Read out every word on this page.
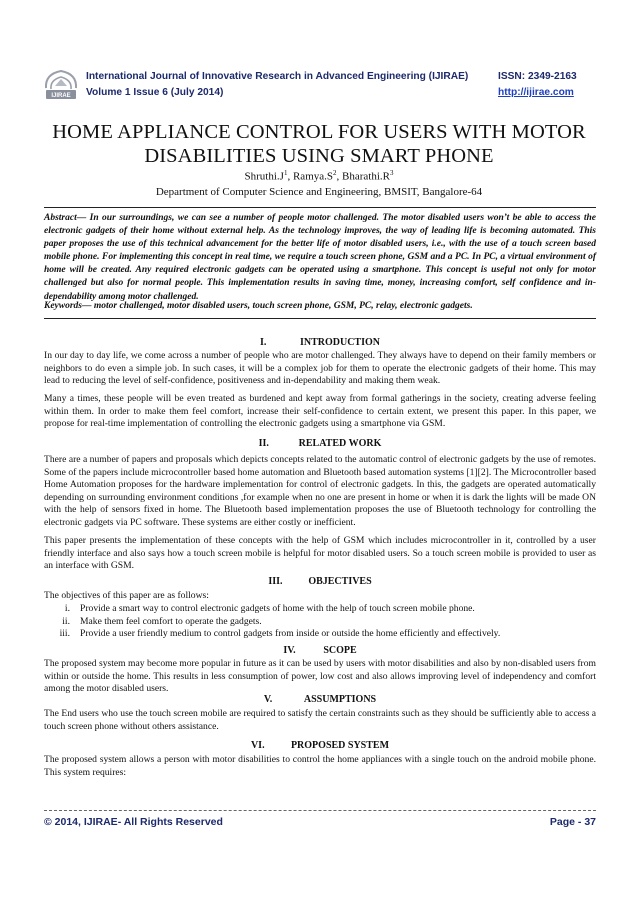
IJIRAE
International Journal of Innovative Research in Advanced Engineering (IJIRAE)
Volume 1 Issue 6 (July 2014)
ISSN: 2349-2163
http://ijirae.com
HOME APPLIANCE CONTROL FOR USERS WITH MOTOR DISABILITIES USING SMART PHONE
$Shruthi.J^1$, $Ramya.S^2$, $Bharathi.R^3$
Department of Computer Science and Engineering, BMSIT, Bangalore-64
Abstract— In our surroundings, we can see a number of people motor challenged. The motor disabled users won’t be able to access the electronic gadgets of their home without external help. As the technology improves, the way of leading life is becoming automated. This paper proposes the use of this technical advancement for the better life of motor disabled users, i.e., with the use of a touch screen based mobile phone. For implementing this concept in real time, we require a touch screen phone, GSM and a PC. In PC, a virtual environment of home will be created. Any required electronic gadgets can be operated using a smartphone. This concept is useful not only for motor challenged but also for normal people. This implementation results in saving time, money, increasing comfort, self confidence and in-dependability among motor challenged.
Keywords— motor challenged, motor disabled users, touch screen phone, GSM, PC, relay, electronic gadgets.
I.	INTRODUCTION
In our day to day life, we come across a number of people who are motor challenged. They always have to depend on their family members or neighbors to do even a simple job. In such cases, it will be a complex job for them to operate the electronic gadgets of their home. This may lead to reducing the level of self-confidence, positiveness and in-dependability and making them weak.
Many a times, these people will be even treated as burdened and kept away from formal gatherings in the society, creating adverse feeling within them. In order to make them feel comfort, increase their self-confidence to certain extent, we present this paper. In this paper, we propose for real-time implementation of controlling the electronic gadgets using a smartphone via GSM.
II.	RELATED WORK
There are a number of papers and proposals which depicts concepts related to the automatic control of electronic gadgets by the use of remotes. Some of the papers include microcontroller based home automation and Bluetooth based automation systems [1][2]. The Microcontroller based Home Automation proposes for the hardware implementation for control of electronic gadgets. In this, the gadgets are operated automatically depending on surrounding environment conditions ,for example when no one are present in home or when it is dark the lights will be made ON with the help of sensors fixed in home. The Bluetooth based implementation proposes the use of Bluetooth technology for controlling the electronic gadgets via PC software. These systems are either costly or inefficient.
This paper presents the implementation of these concepts with the help of GSM which includes microcontroller in it, controlled by a user friendly interface and also says how a touch screen mobile is helpful for motor disabled users. So a touch screen mobile is provided to user as an interface with GSM.
III.	OBJECTIVES
The objectives of this paper are as follows:
i. Provide a smart way to control electronic gadgets of home with the help of touch screen mobile phone.
ii. Make them feel comfort to operate the gadgets.
iii. Provide a user friendly medium to control gadgets from inside or outside the home efficiently and effectively.
IV.	SCOPE
The proposed system may become more popular in future as it can be used by users with motor disabilities and also by non-disabled users from within or outside the home. This results in less consumption of power, low cost and also allows improving level of independency and comfort among the motor disabled users.
V.	ASSUMPTIONS
The End users who use the touch screen mobile are required to satisfy the certain constraints such as they should be sufficiently able to access a touch screen phone without others assistance.
VI.	PROPOSED SYSTEM
The proposed system allows a person with motor disabilities to control the home appliances with a single touch on the android mobile phone. This system requires:
© 2014, IJIRAE- All Rights Reserved	Page - 37
